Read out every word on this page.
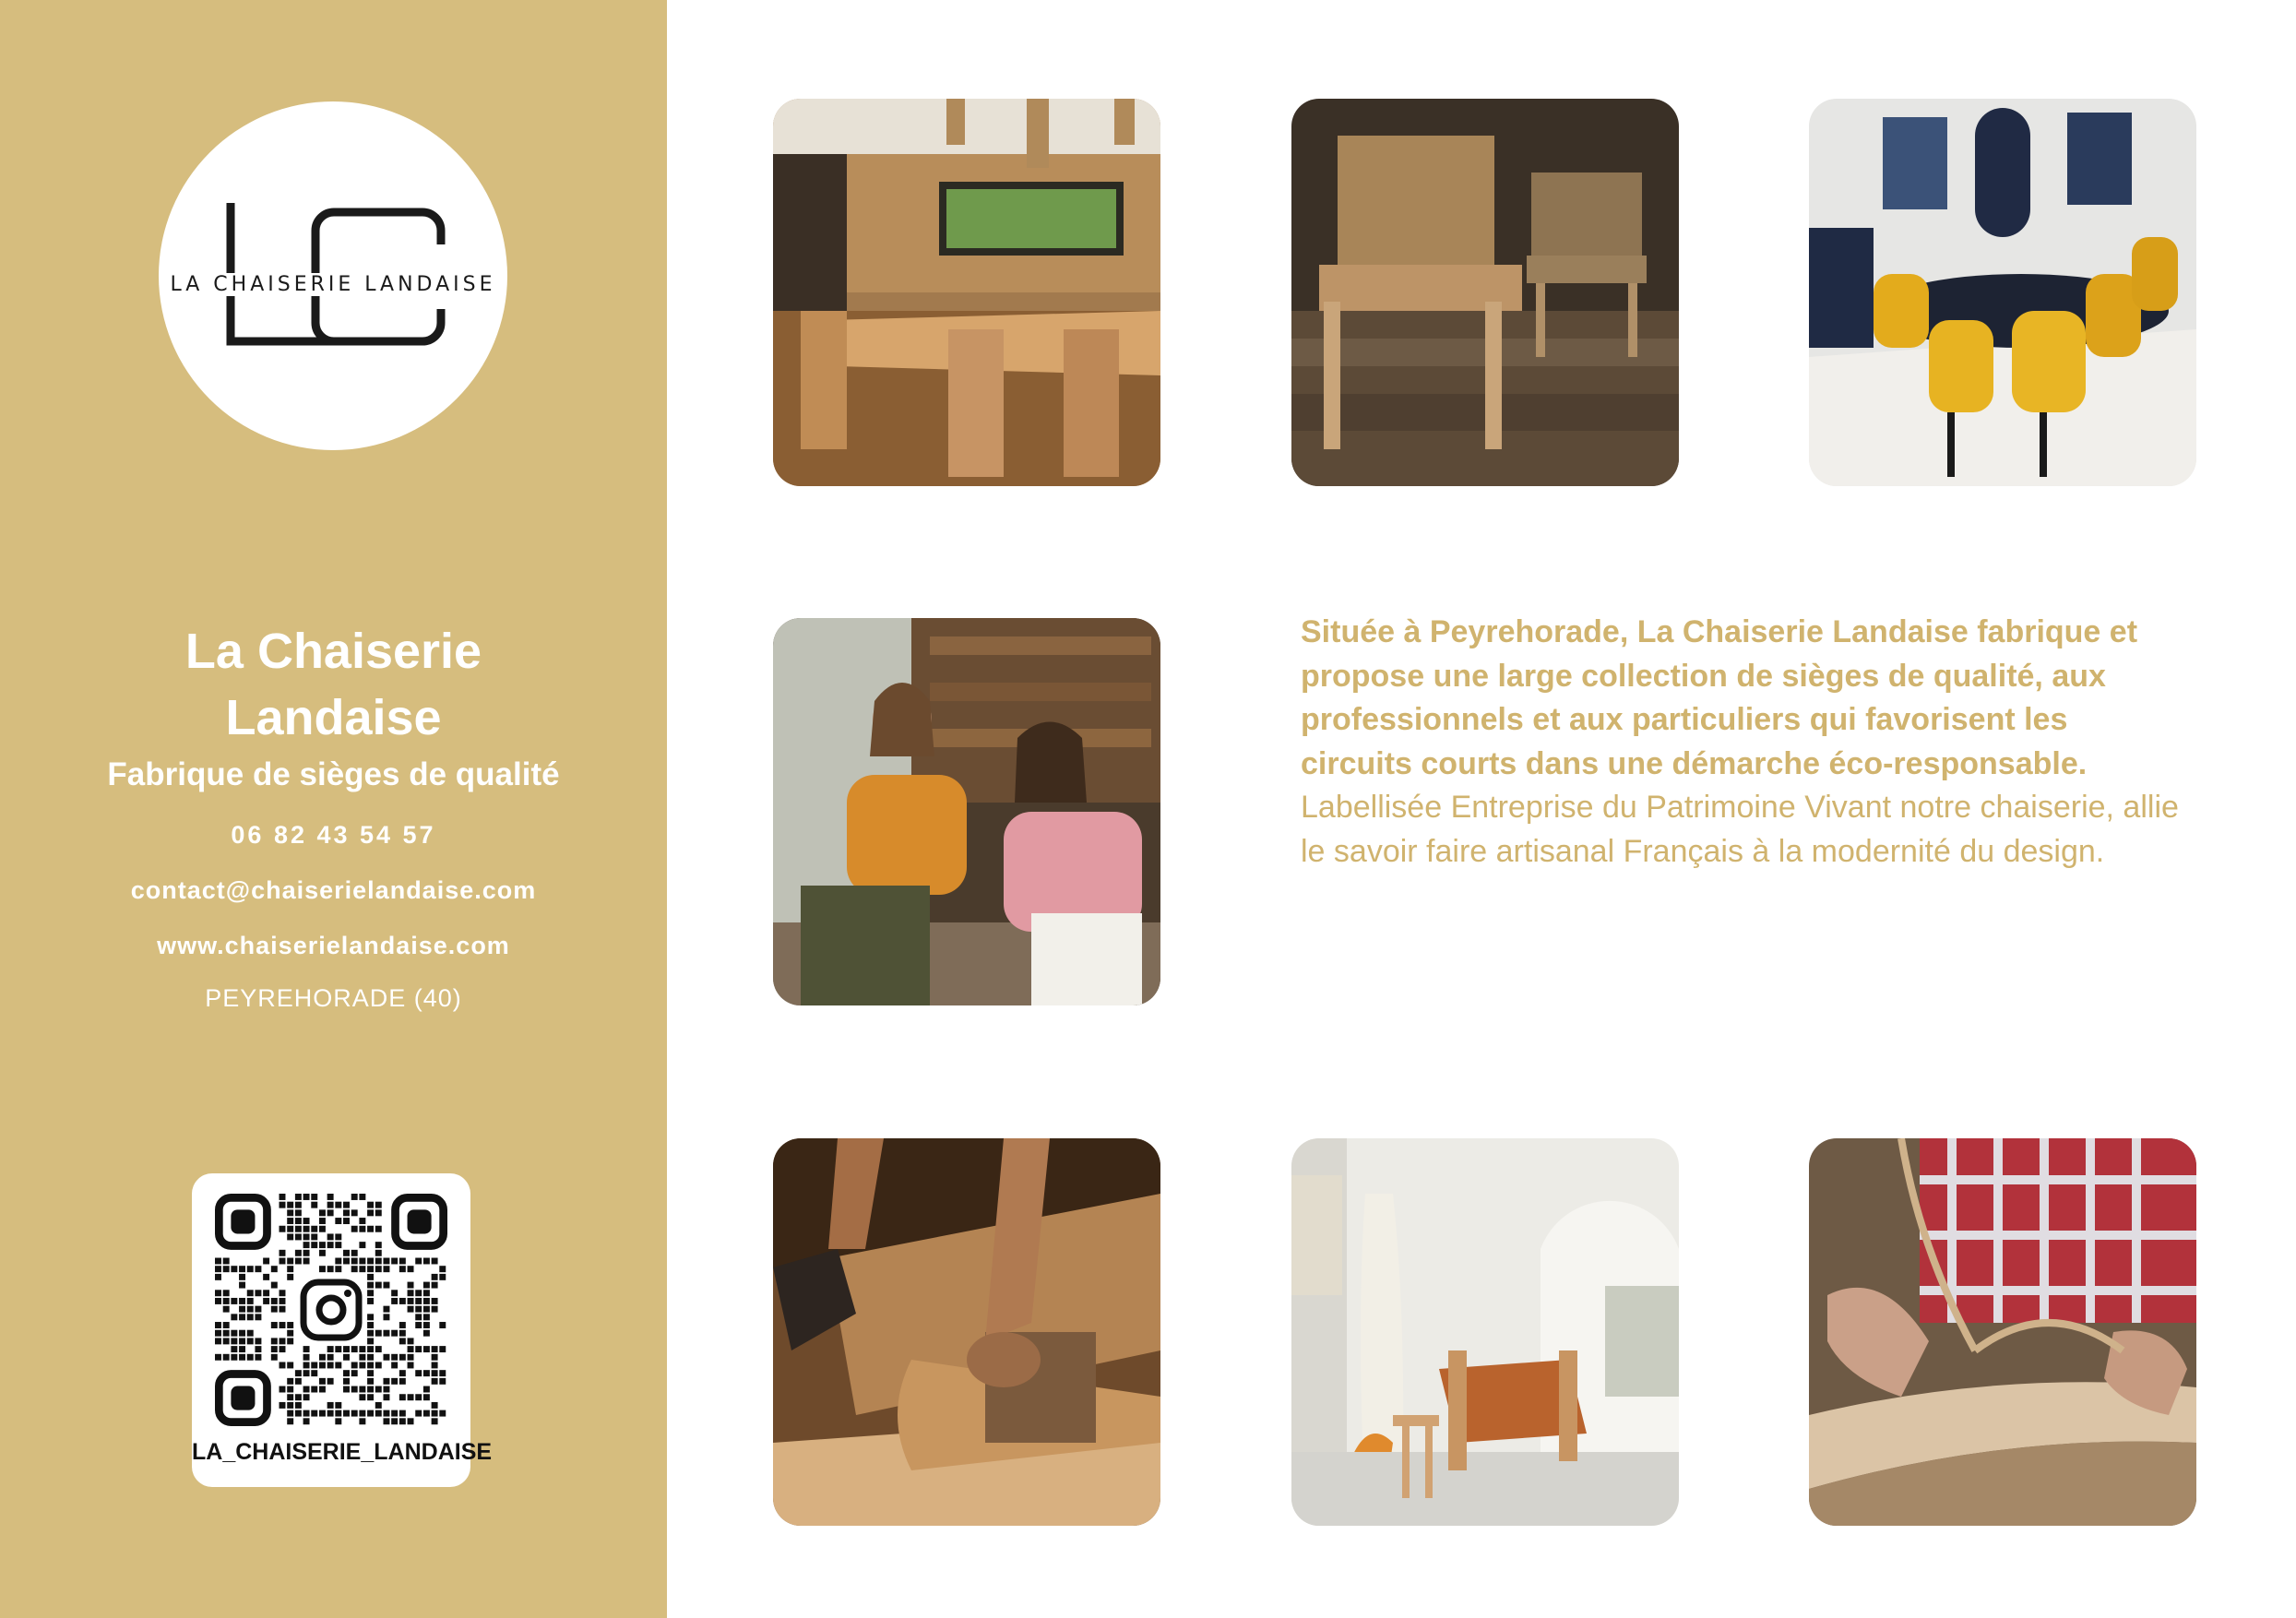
LA CHAISERIE LANDAISE
La Chaiserie
Landaise
Fabrique de sièges de qualité
06 82 43 54 57
contact@chaiserielandaise.com
www.chaiserielandaise.com
PEYREHORADE (40)
LA_CHAISERIE_LANDAISE
Située à Peyrehorade, La Chaiserie Landaise fabrique et propose une large collection de sièges de qualité, aux professionnels et aux particuliers qui favorisent les circuits courts dans une démarche éco-responsable.
Labellisée Entreprise du Patrimoine Vivant notre chaiserie, allie le savoir faire artisanal Français à la modernité du design.
